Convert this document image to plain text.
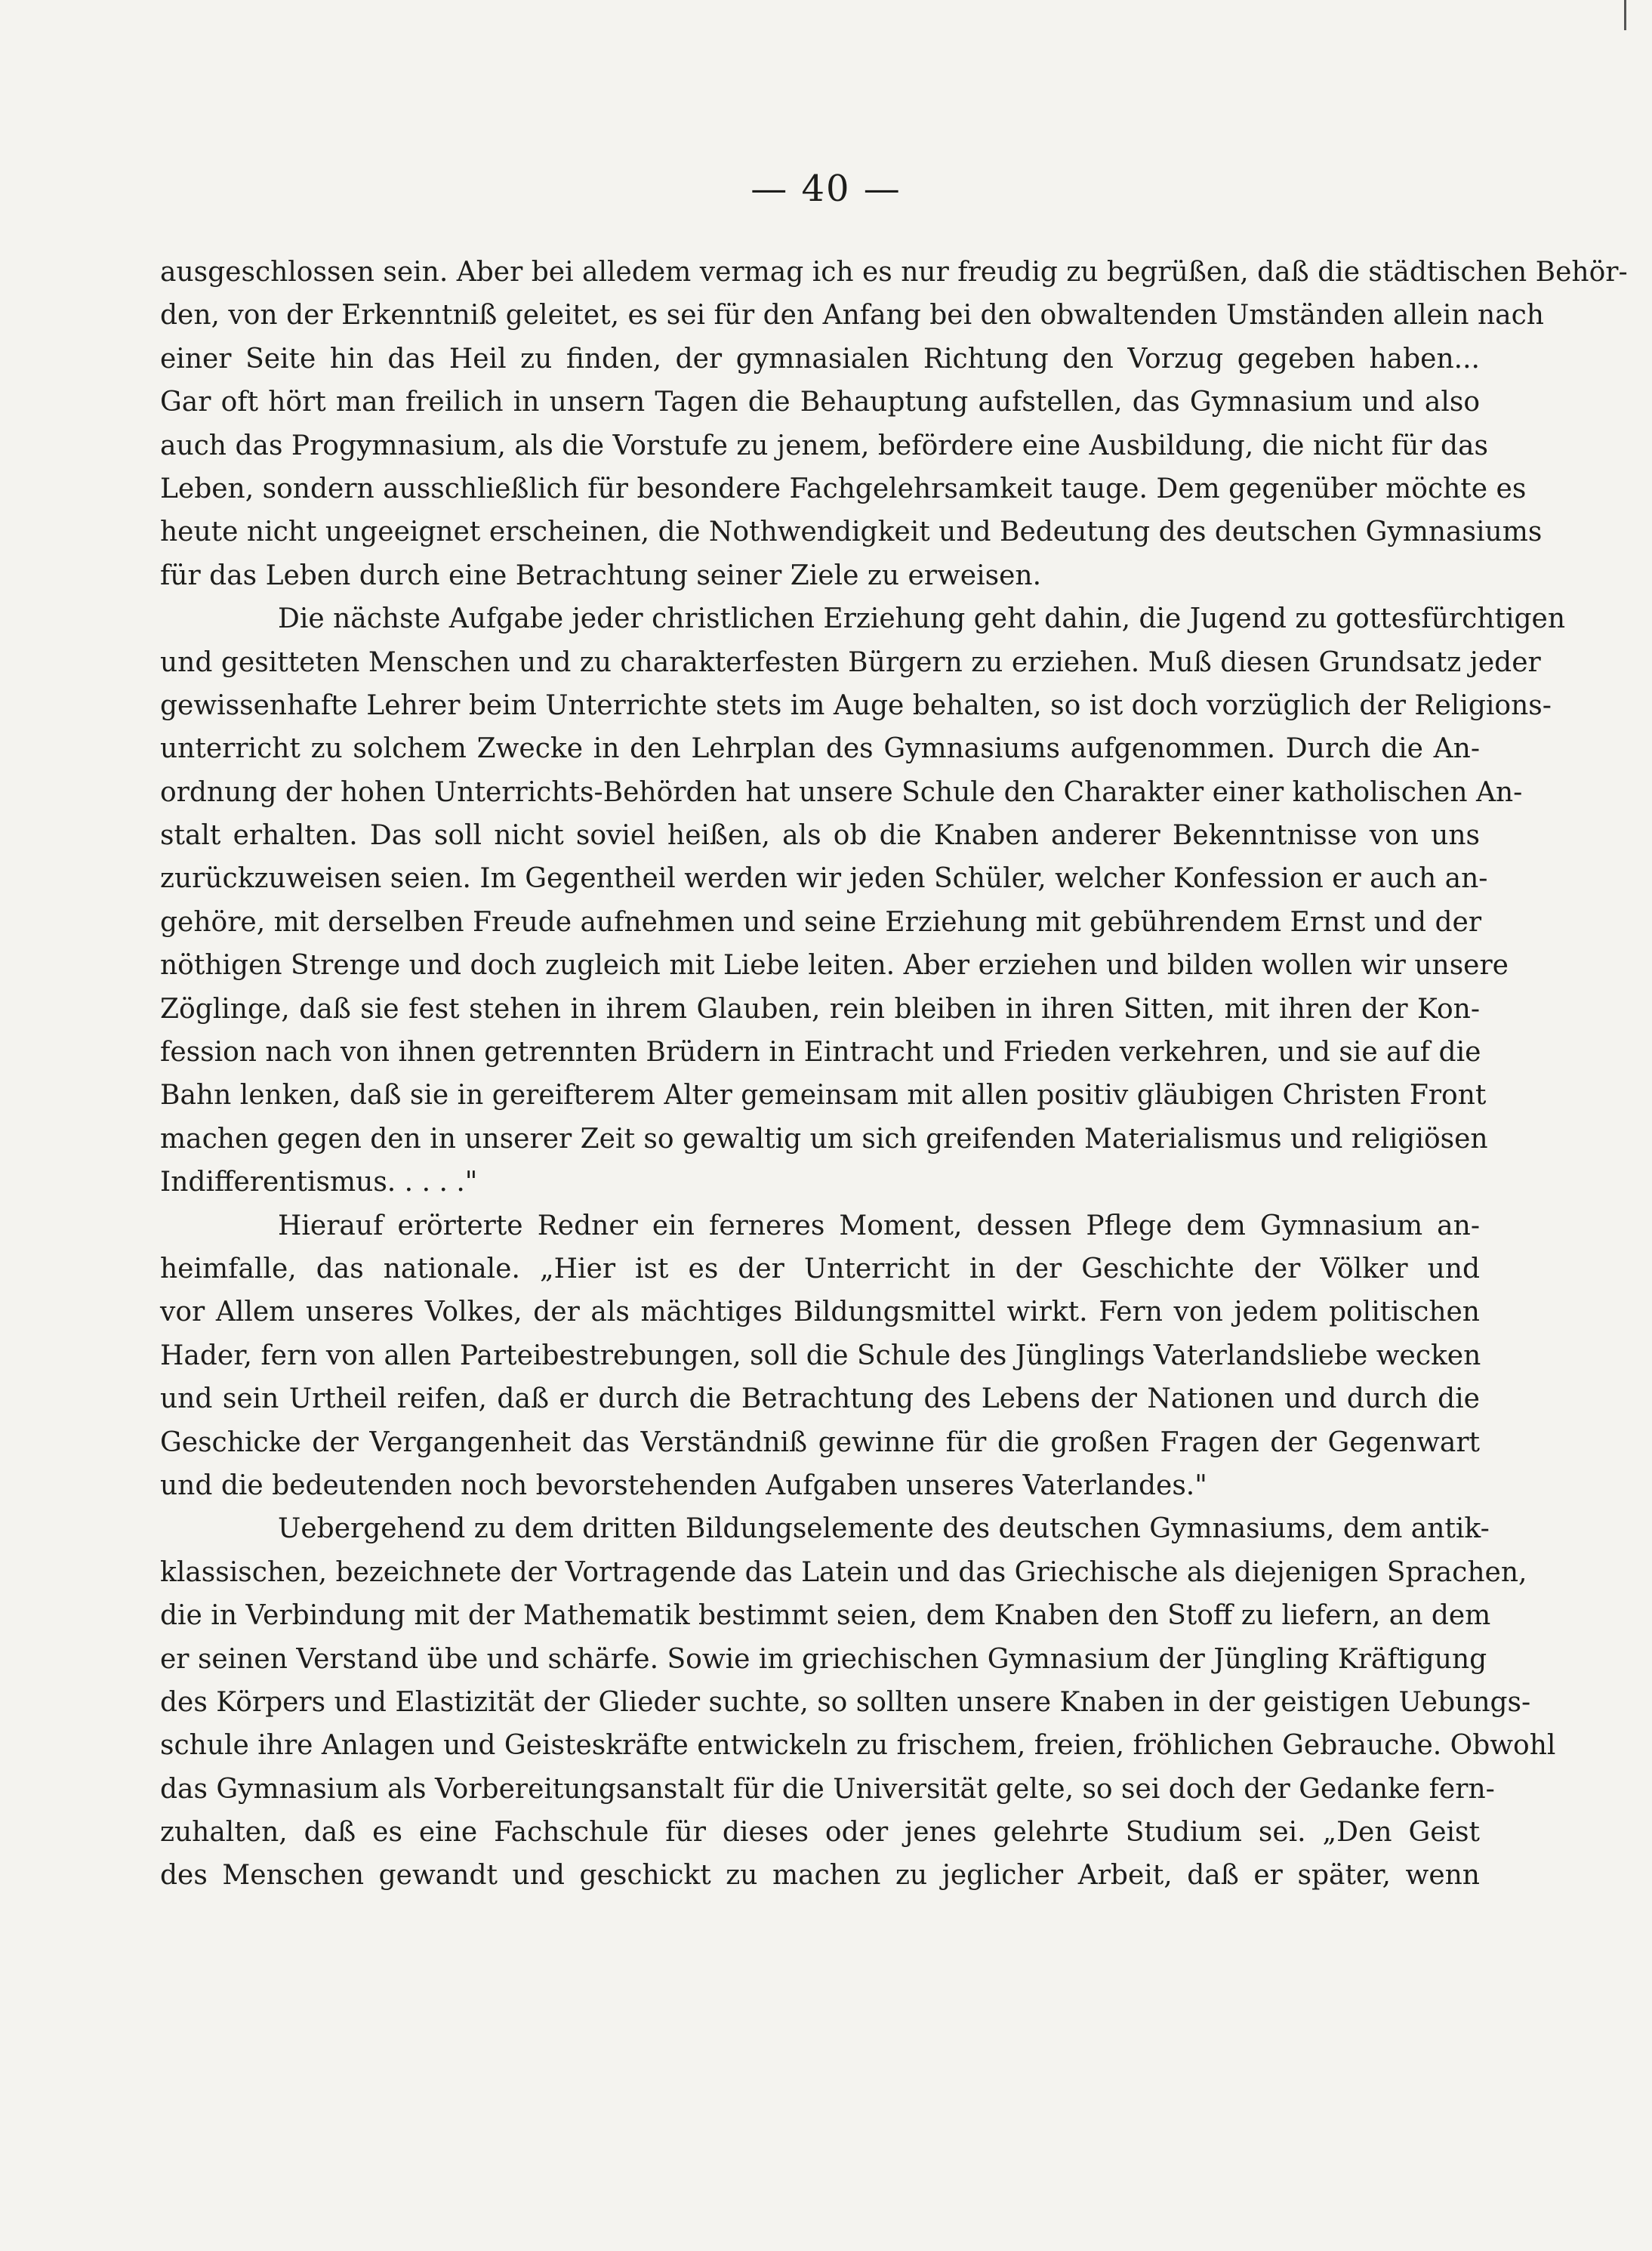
— 40 —
ausgeschlossen sein. Aber bei alledem vermag ich es nur freudig zu begrüßen, daß die städtischen Behör-
den, von der Erkenntniß geleitet, es sei für den Anfang bei den obwaltenden Umständen allein nach
einer Seite hin das Heil zu finden, der gymnasialen Richtung den Vorzug gegeben haben...
Gar oft hört man freilich in unsern Tagen die Behauptung aufstellen, das Gymnasium und also
auch das Progymnasium, als die Vorstufe zu jenem, befördere eine Ausbildung, die nicht für das
Leben, sondern ausschließlich für besondere Fachgelehrsamkeit tauge. Dem gegenüber möchte es
heute nicht ungeeignet erscheinen, die Nothwendigkeit und Bedeutung des deutschen Gymnasiums
für das Leben durch eine Betrachtung seiner Ziele zu erweisen.
Die nächste Aufgabe jeder christlichen Erziehung geht dahin, die Jugend zu gottesfürchtigen
und gesitteten Menschen und zu charakterfesten Bürgern zu erziehen. Muß diesen Grundsatz jeder
gewissenhafte Lehrer beim Unterrichte stets im Auge behalten, so ist doch vorzüglich der Religions-
unterricht zu solchem Zwecke in den Lehrplan des Gymnasiums aufgenommen. Durch die An-
ordnung der hohen Unterrichts-Behörden hat unsere Schule den Charakter einer katholischen An-
stalt erhalten. Das soll nicht soviel heißen, als ob die Knaben anderer Bekenntnisse von uns
zurückzuweisen seien. Im Gegentheil werden wir jeden Schüler, welcher Konfession er auch an-
gehöre, mit derselben Freude aufnehmen und seine Erziehung mit gebührendem Ernst und der
nöthigen Strenge und doch zugleich mit Liebe leiten. Aber erziehen und bilden wollen wir unsere
Zöglinge, daß sie fest stehen in ihrem Glauben, rein bleiben in ihren Sitten, mit ihren der Kon-
fession nach von ihnen getrennten Brüdern in Eintracht und Frieden verkehren, und sie auf die
Bahn lenken, daß sie in gereifterem Alter gemeinsam mit allen positiv gläubigen Christen Front
machen gegen den in unserer Zeit so gewaltig um sich greifenden Materialismus und religiösen
Indifferentismus. . . . ."
Hierauf erörterte Redner ein ferneres Moment, dessen Pflege dem Gymnasium an-
heimfalle, das nationale. „Hier ist es der Unterricht in der Geschichte der Völker und
vor Allem unseres Volkes, der als mächtiges Bildungsmittel wirkt. Fern von jedem politischen
Hader, fern von allen Parteibestrebungen, soll die Schule des Jünglings Vaterlandsliebe wecken
und sein Urtheil reifen, daß er durch die Betrachtung des Lebens der Nationen und durch die
Geschicke der Vergangenheit das Verständniß gewinne für die großen Fragen der Gegenwart
und die bedeutenden noch bevorstehenden Aufgaben unseres Vaterlandes."
Uebergehend zu dem dritten Bildungselemente des deutschen Gymnasiums, dem antik-
klassischen, bezeichnete der Vortragende das Latein und das Griechische als diejenigen Sprachen,
die in Verbindung mit der Mathematik bestimmt seien, dem Knaben den Stoff zu liefern, an dem
er seinen Verstand übe und schärfe. Sowie im griechischen Gymnasium der Jüngling Kräftigung
des Körpers und Elastizität der Glieder suchte, so sollten unsere Knaben in der geistigen Uebungs-
schule ihre Anlagen und Geisteskräfte entwickeln zu frischem, freien, fröhlichen Gebrauche. Obwohl
das Gymnasium als Vorbereitungsanstalt für die Universität gelte, so sei doch der Gedanke fern-
zuhalten, daß es eine Fachschule für dieses oder jenes gelehrte Studium sei. „Den Geist
des Menschen gewandt und geschickt zu machen zu jeglicher Arbeit, daß er später, wenn
